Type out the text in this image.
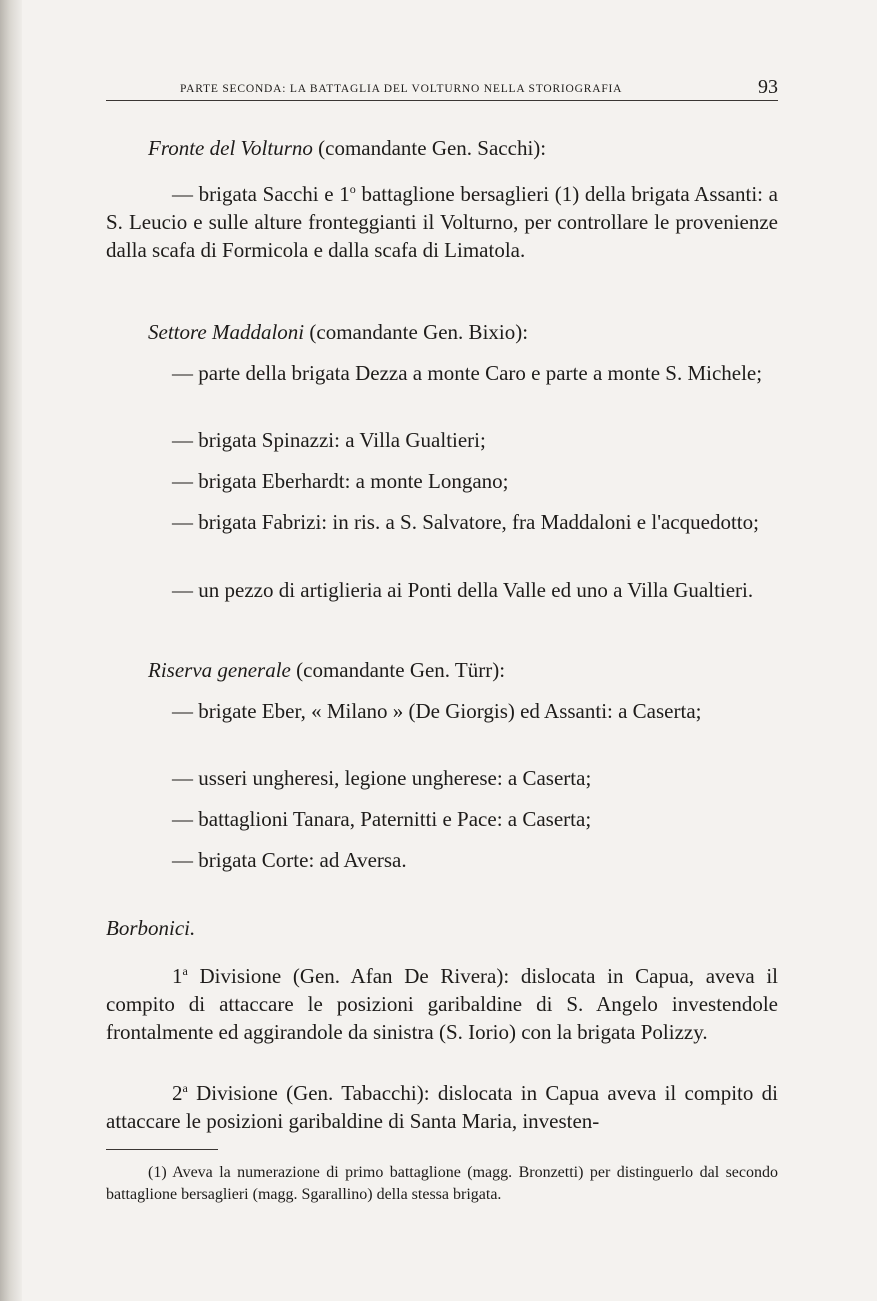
PARTE SECONDA: LA BATTAGLIA DEL VOLTURNO NELLA STORIOGRAFIA	93
Fronte del Volturno (comandante Gen. Sacchi):
— brigata Sacchi e 1$^o$ battaglione bersaglieri (1) della brigata Assanti: a S. Leucio e sulle alture fronteggianti il Volturno, per controllare le provenienze dalla scafa di Formicola e dalla scafa di Limatola.
Settore Maddaloni (comandante Gen. Bixio):
— parte della brigata Dezza a monte Caro e parte a monte S. Michele;
— brigata Spinazzi: a Villa Gualtieri;
— brigata Eberhardt: a monte Longano;
— brigata Fabrizi: in ris. a S. Salvatore, fra Maddaloni e l'acquedotto;
— un pezzo di artiglieria ai Ponti della Valle ed uno a Villa Gualtieri.
Riserva generale (comandante Gen. Türr):
— brigate Eber, « Milano » (De Giorgis) ed Assanti: a Caserta;
— usseri ungheresi, legione ungherese: a Caserta;
— battaglioni Tanara, Paternitti e Pace: a Caserta;
— brigata Corte: ad Aversa.
Borbonici.
1$^a$ Divisione (Gen. Afan De Rivera): dislocata in Capua, aveva il compito di attaccare le posizioni garibaldine di S. Angelo investendole frontalmente ed aggirandole da sinistra (S. Iorio) con la brigata Polizzy.
2$^a$ Divisione (Gen. Tabacchi): dislocata in Capua aveva il compito di attaccare le posizioni garibaldine di Santa Maria, investen-
(1) Aveva la numerazione di primo battaglione (magg. Bronzetti) per distinguerlo dal secondo battaglione bersaglieri (magg. Sgarallino) della stessa brigata.
